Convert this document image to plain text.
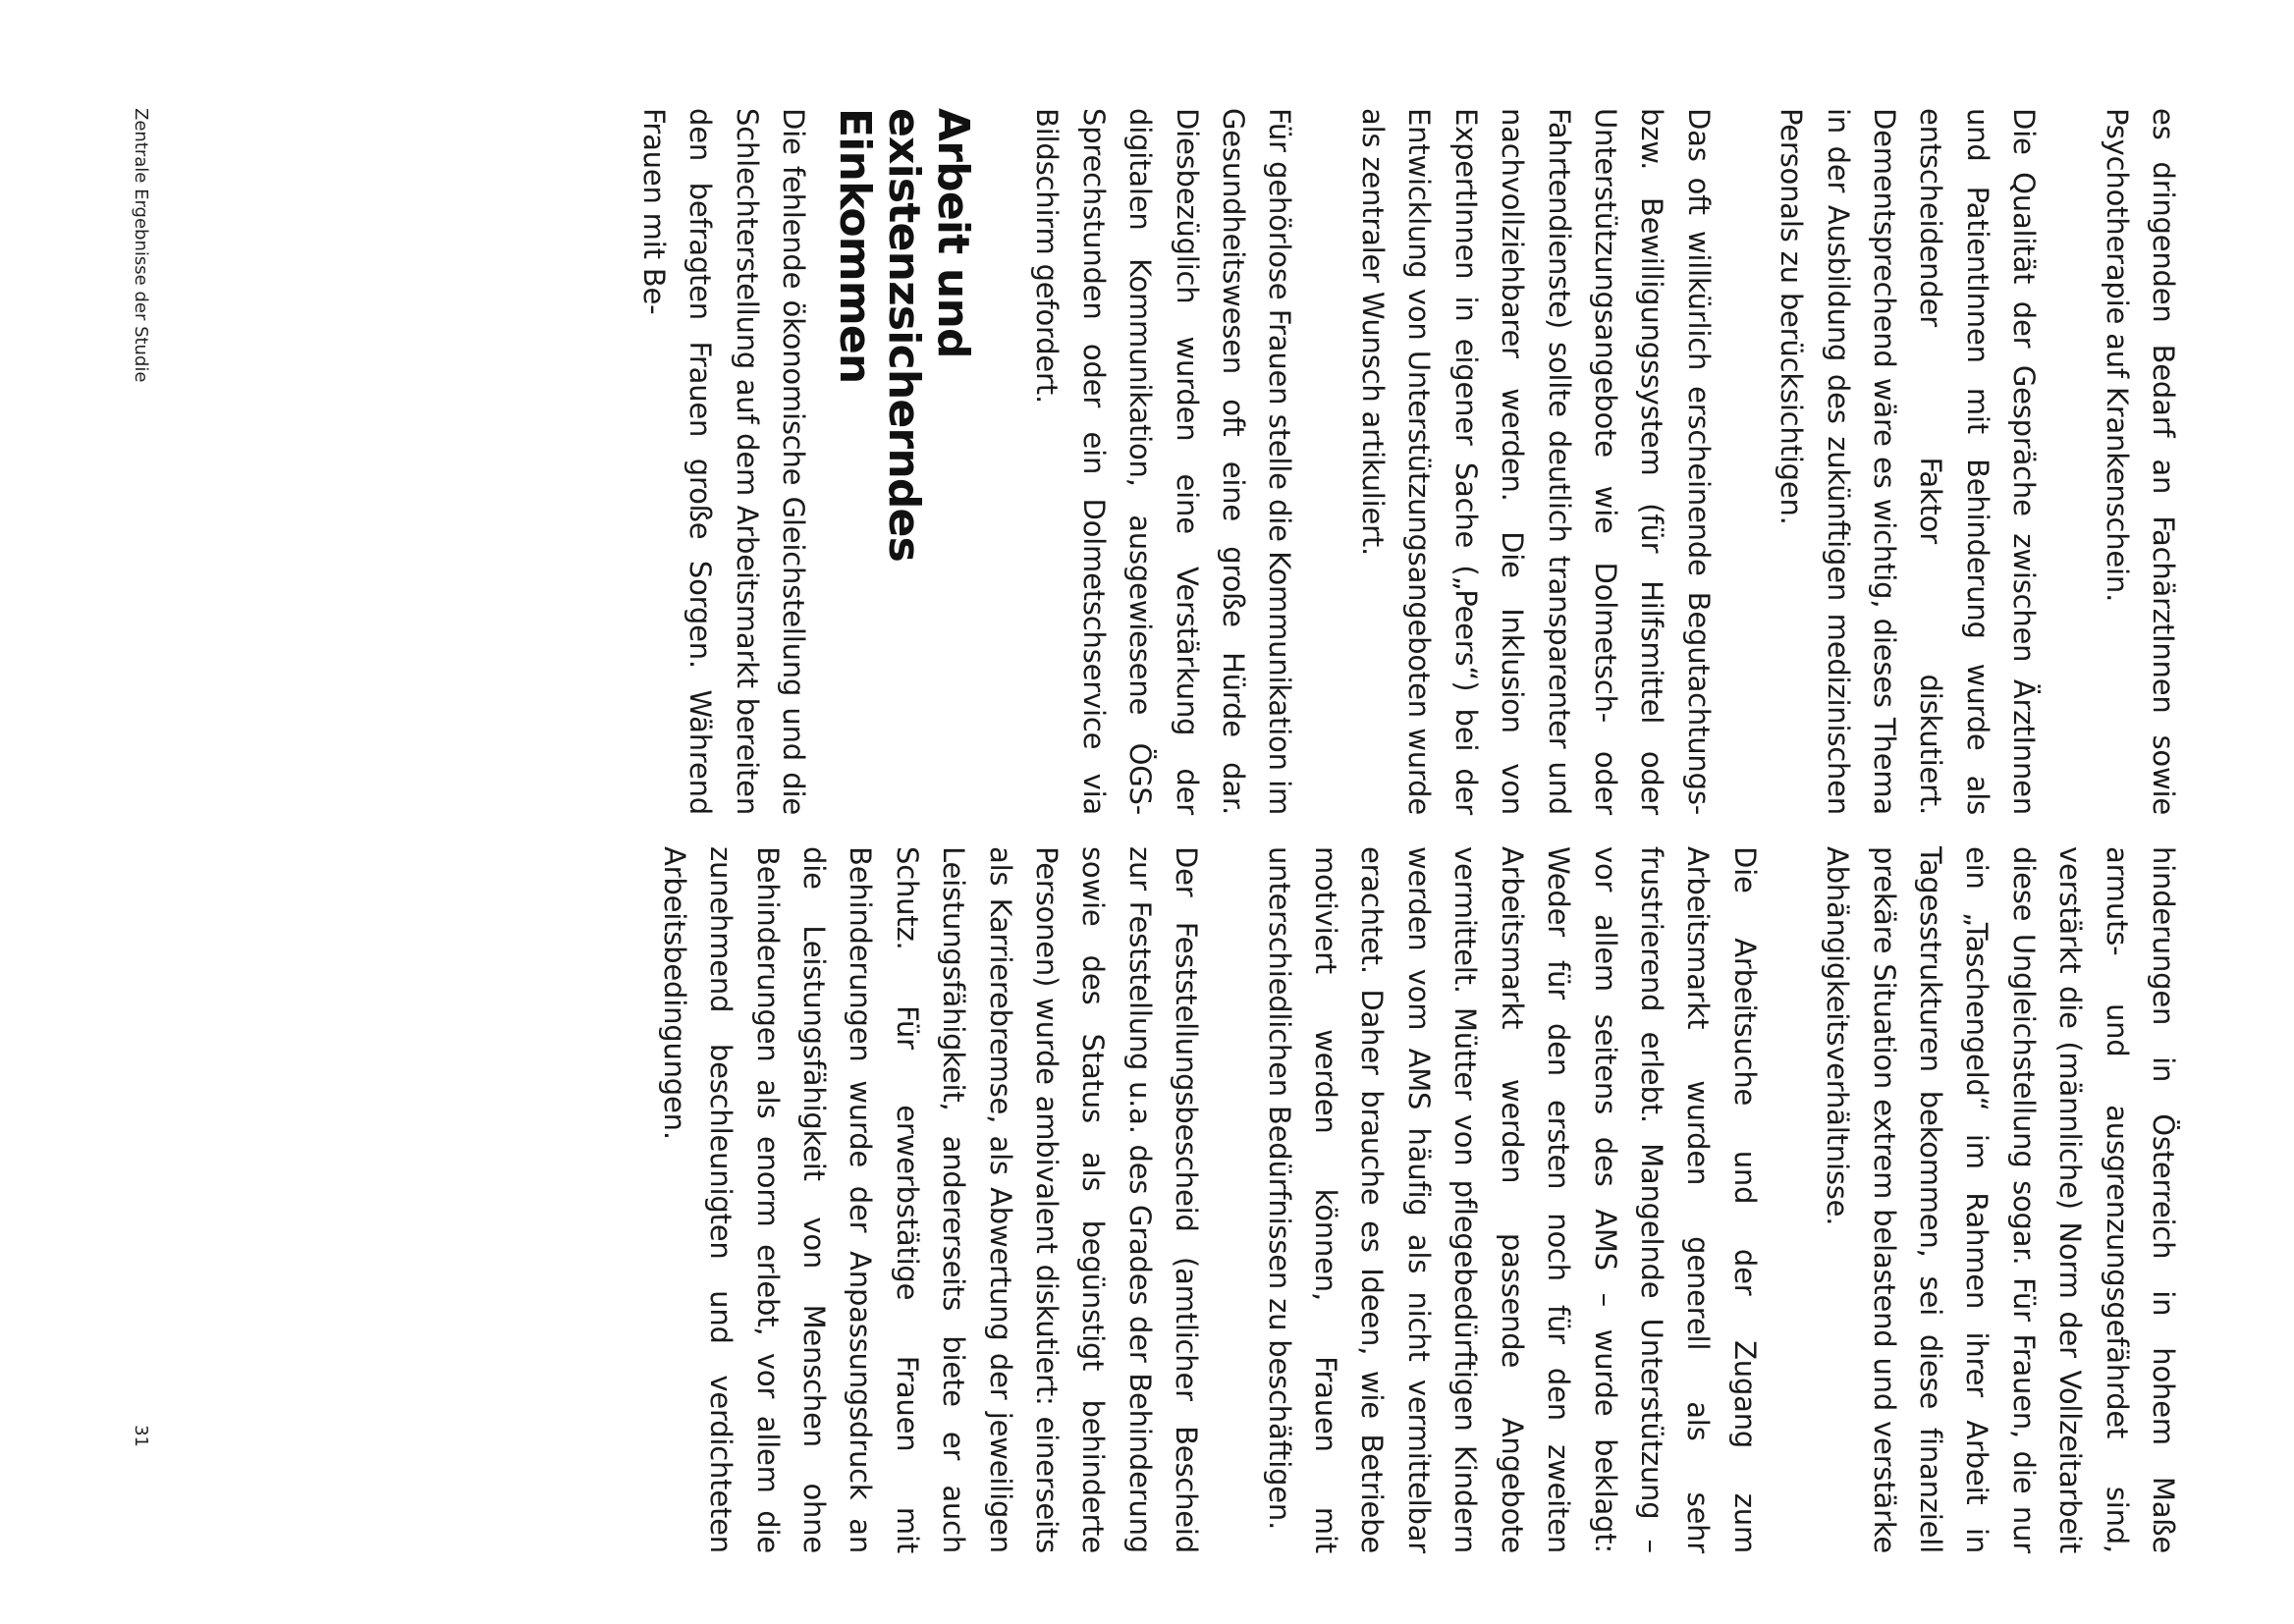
es dringenden Bedarf an FachärztInnen sowie Psychotherapie auf Krankenschein.

Die Qualität der Gespräche zwischen ÄrztInnen und PatientInnen mit Behinderung wurde als entscheidender Faktor diskutiert. Dementsprechend wäre es wichtig, dieses Thema in der Ausbildung des zukünftigen medizinischen Personals zu berücksichtigen.

Das oft willkürlich erscheinende Begutachtungs- bzw. Bewilligungssystem (für Hilfsmittel oder Unterstützungsangebote wie Dolmetsch- oder Fahrtendienste) sollte deutlich transparenter und nachvollziehbarer werden. Die Inklusion von ExpertInnen in eigener Sache („Peers“) bei der Entwicklung von Unterstützungsangeboten wurde als zentraler Wunsch artikuliert.

Für gehörlose Frauen stelle die Kommunikation im Gesundheitswesen oft eine große Hürde dar. Diesbezüglich wurden eine Verstärkung der digitalen Kommunikation, ausgewiesene ÖGS-Sprechstunden oder ein Dolmetschservice via Bildschirm gefordert.

Arbeit und existenzsicherndes Einkommen

Die fehlende ökonomische Gleichstellung und die Schlechterstellung auf dem Arbeitsmarkt bereiten den befragten Frauen große Sorgen. Während Frauen mit Be-

hinderungen in Österreich in hohem Maße armuts- und ausgrenzungsgefährdet sind, verstärkt die (männliche) Norm der Vollzeitarbeit diese Ungleichstellung sogar. Für Frauen, die nur ein „Taschengeld“ im Rahmen ihrer Arbeit in Tagesstrukturen bekommen, sei diese finanziell prekäre Situation extrem belastend und verstärke Abhängigkeitsverhältnisse.

Die Arbeitsuche und der Zugang zum Arbeitsmarkt wurden generell als sehr frustrierend erlebt. Mangelnde Unterstützung – vor allem seitens des AMS – wurde beklagt: Weder für den ersten noch für den zweiten Arbeitsmarkt werden passende Angebote vermittelt. Mütter von pflegebedürftigen Kindern werden vom AMS häufig als nicht vermittelbar erachtet. Daher brauche es Ideen, wie Betriebe motiviert werden können, Frauen mit unterschiedlichen Bedürfnissen zu beschäftigen.

Der Feststellungsbescheid (amtlicher Bescheid zur Feststellung u.a. des Grades der Behinderung sowie des Status als begünstigt behinderte Personen) wurde ambivalent diskutiert: einerseits als Karrierebremse, als Abwertung der jeweiligen Leistungsfähigkeit, andererseits biete er auch Schutz. Für erwerbstätige Frauen mit Behinderungen wurde der Anpassungsdruck an die Leistungsfähigkeit von Menschen ohne Behinderungen als enorm erlebt, vor allem die zunehmend beschleunigten und verdichteten Arbeitsbedingungen.

Zentrale Ergebnisse der Studie
31
